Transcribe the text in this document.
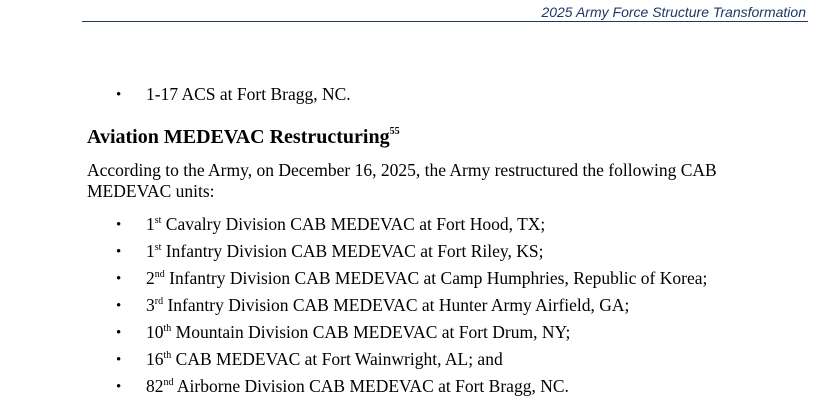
2025 Army Force Structure Transformation
• 1-17 ACS at Fort Bragg, NC.
Aviation MEDEVAC Restructuring$^{55}$
According to the Army, on December 16, 2025, the Army restructured the following CAB MEDEVAC units:
• 1st Cavalry Division CAB MEDEVAC at Fort Hood, TX;
• 1st Infantry Division CAB MEDEVAC at Fort Riley, KS;
• 2nd Infantry Division CAB MEDEVAC at Camp Humphries, Republic of Korea;
• 3rd Infantry Division CAB MEDEVAC at Hunter Army Airfield, GA;
• 10th Mountain Division CAB MEDEVAC at Fort Drum, NY;
• 16th CAB MEDEVAC at Fort Wainwright, AL; and
• 82nd Airborne Division CAB MEDEVAC at Fort Bragg, NC.
